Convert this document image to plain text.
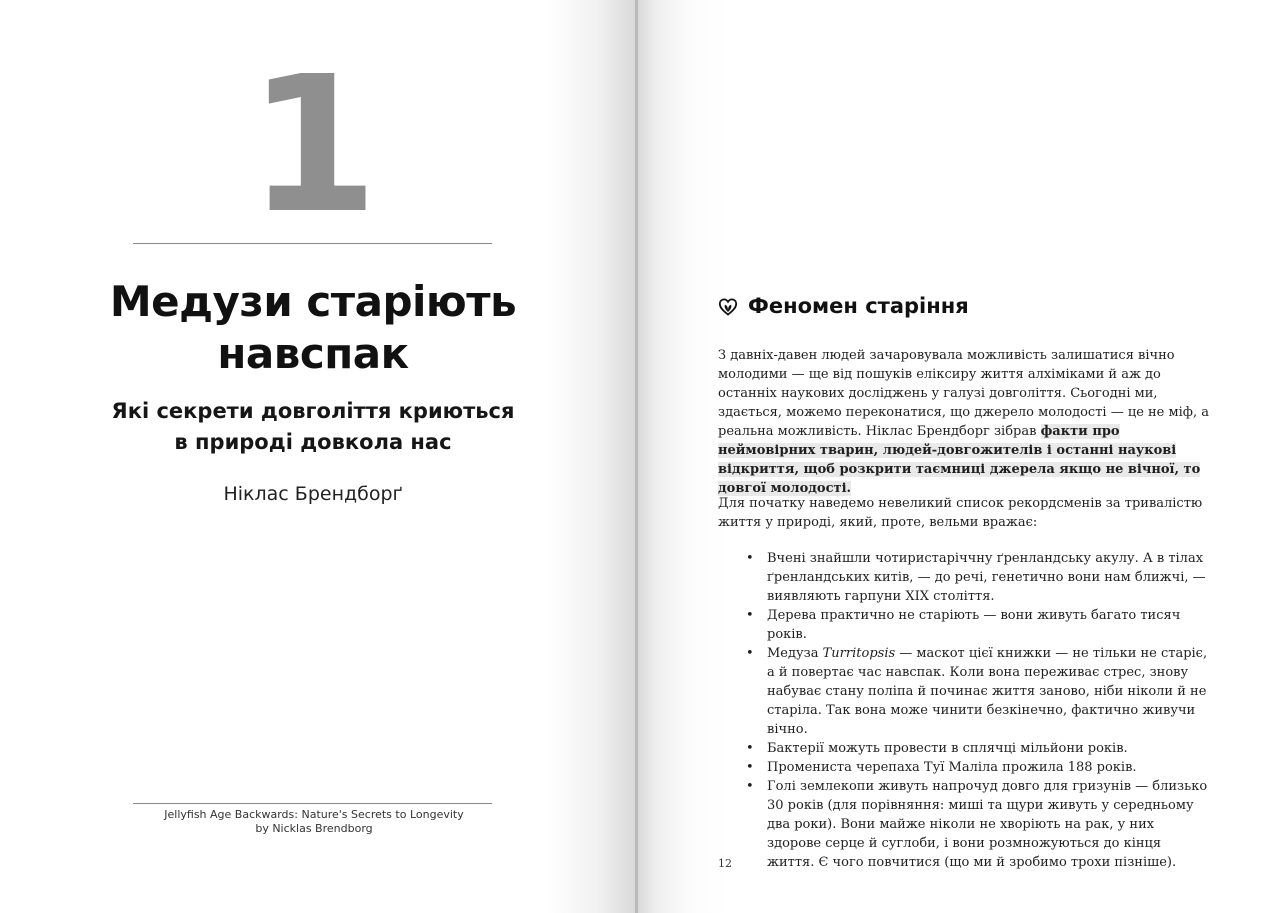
1
Медузи старіють
навспак
Які секрети довголіття криються
в природі довкола нас
Ніклас Брендборґ
Jellyfish Age Backwards: Nature's Secrets to Longevity
by Nicklas Brendborg
Феномен старіння
З давніх-давен людей зачаровувала можливість залишатися вічно молодими — ще від пошуків еліксиру життя алхіміками й аж до останніх наукових досліджень у галузі довголіття. Сьогодні ми, здається, можемо переконатися, що джерело молодості — це не міф, а реальна можливість. Ніклас Брендборг зібрав факти про неймовірних тварин, людей-довгожителів і останні наукові відкриття, щоб розкрити таємниці джерела якщо не вічної, то довгої молодості.
Для початку наведемо невеликий список рекордсменів за тривалістю життя у природі, який, проте, вельми вражає:
• Вчені знайшли чотиристаріччну ґренландську акулу. А в тілах ґренландських китів, — до речі, генетично вони нам ближчі, — виявляють гарпуни XIX століття.
• Дерева практично не старіють — вони живуть багато тисяч років.
• Медуза Turritopsis — маскот цієї книжки — не тільки не старіє, а й повертає час навспак. Коли вона переживає стрес, знову набуває стану поліпа й починає життя заново, ніби ніколи й не старіла. Так вона може чинити безкінечно, фактично живучи вічно.
• Бактерії можуть провести в сплячці мільйони років.
• Промениста черепаха Туї Маліла прожила 188 років.
• Голі землекопи живуть напрочуд довго для гризунів — близько 30 років (для порівняння: миші та щури живуть у середньому два роки). Вони майже ніколи не хворіють на рак, у них здорове серце й суглоби, і вони розмножуються до кінця життя. Є чого повчитися (що ми й зробимо трохи пізніше).
12
